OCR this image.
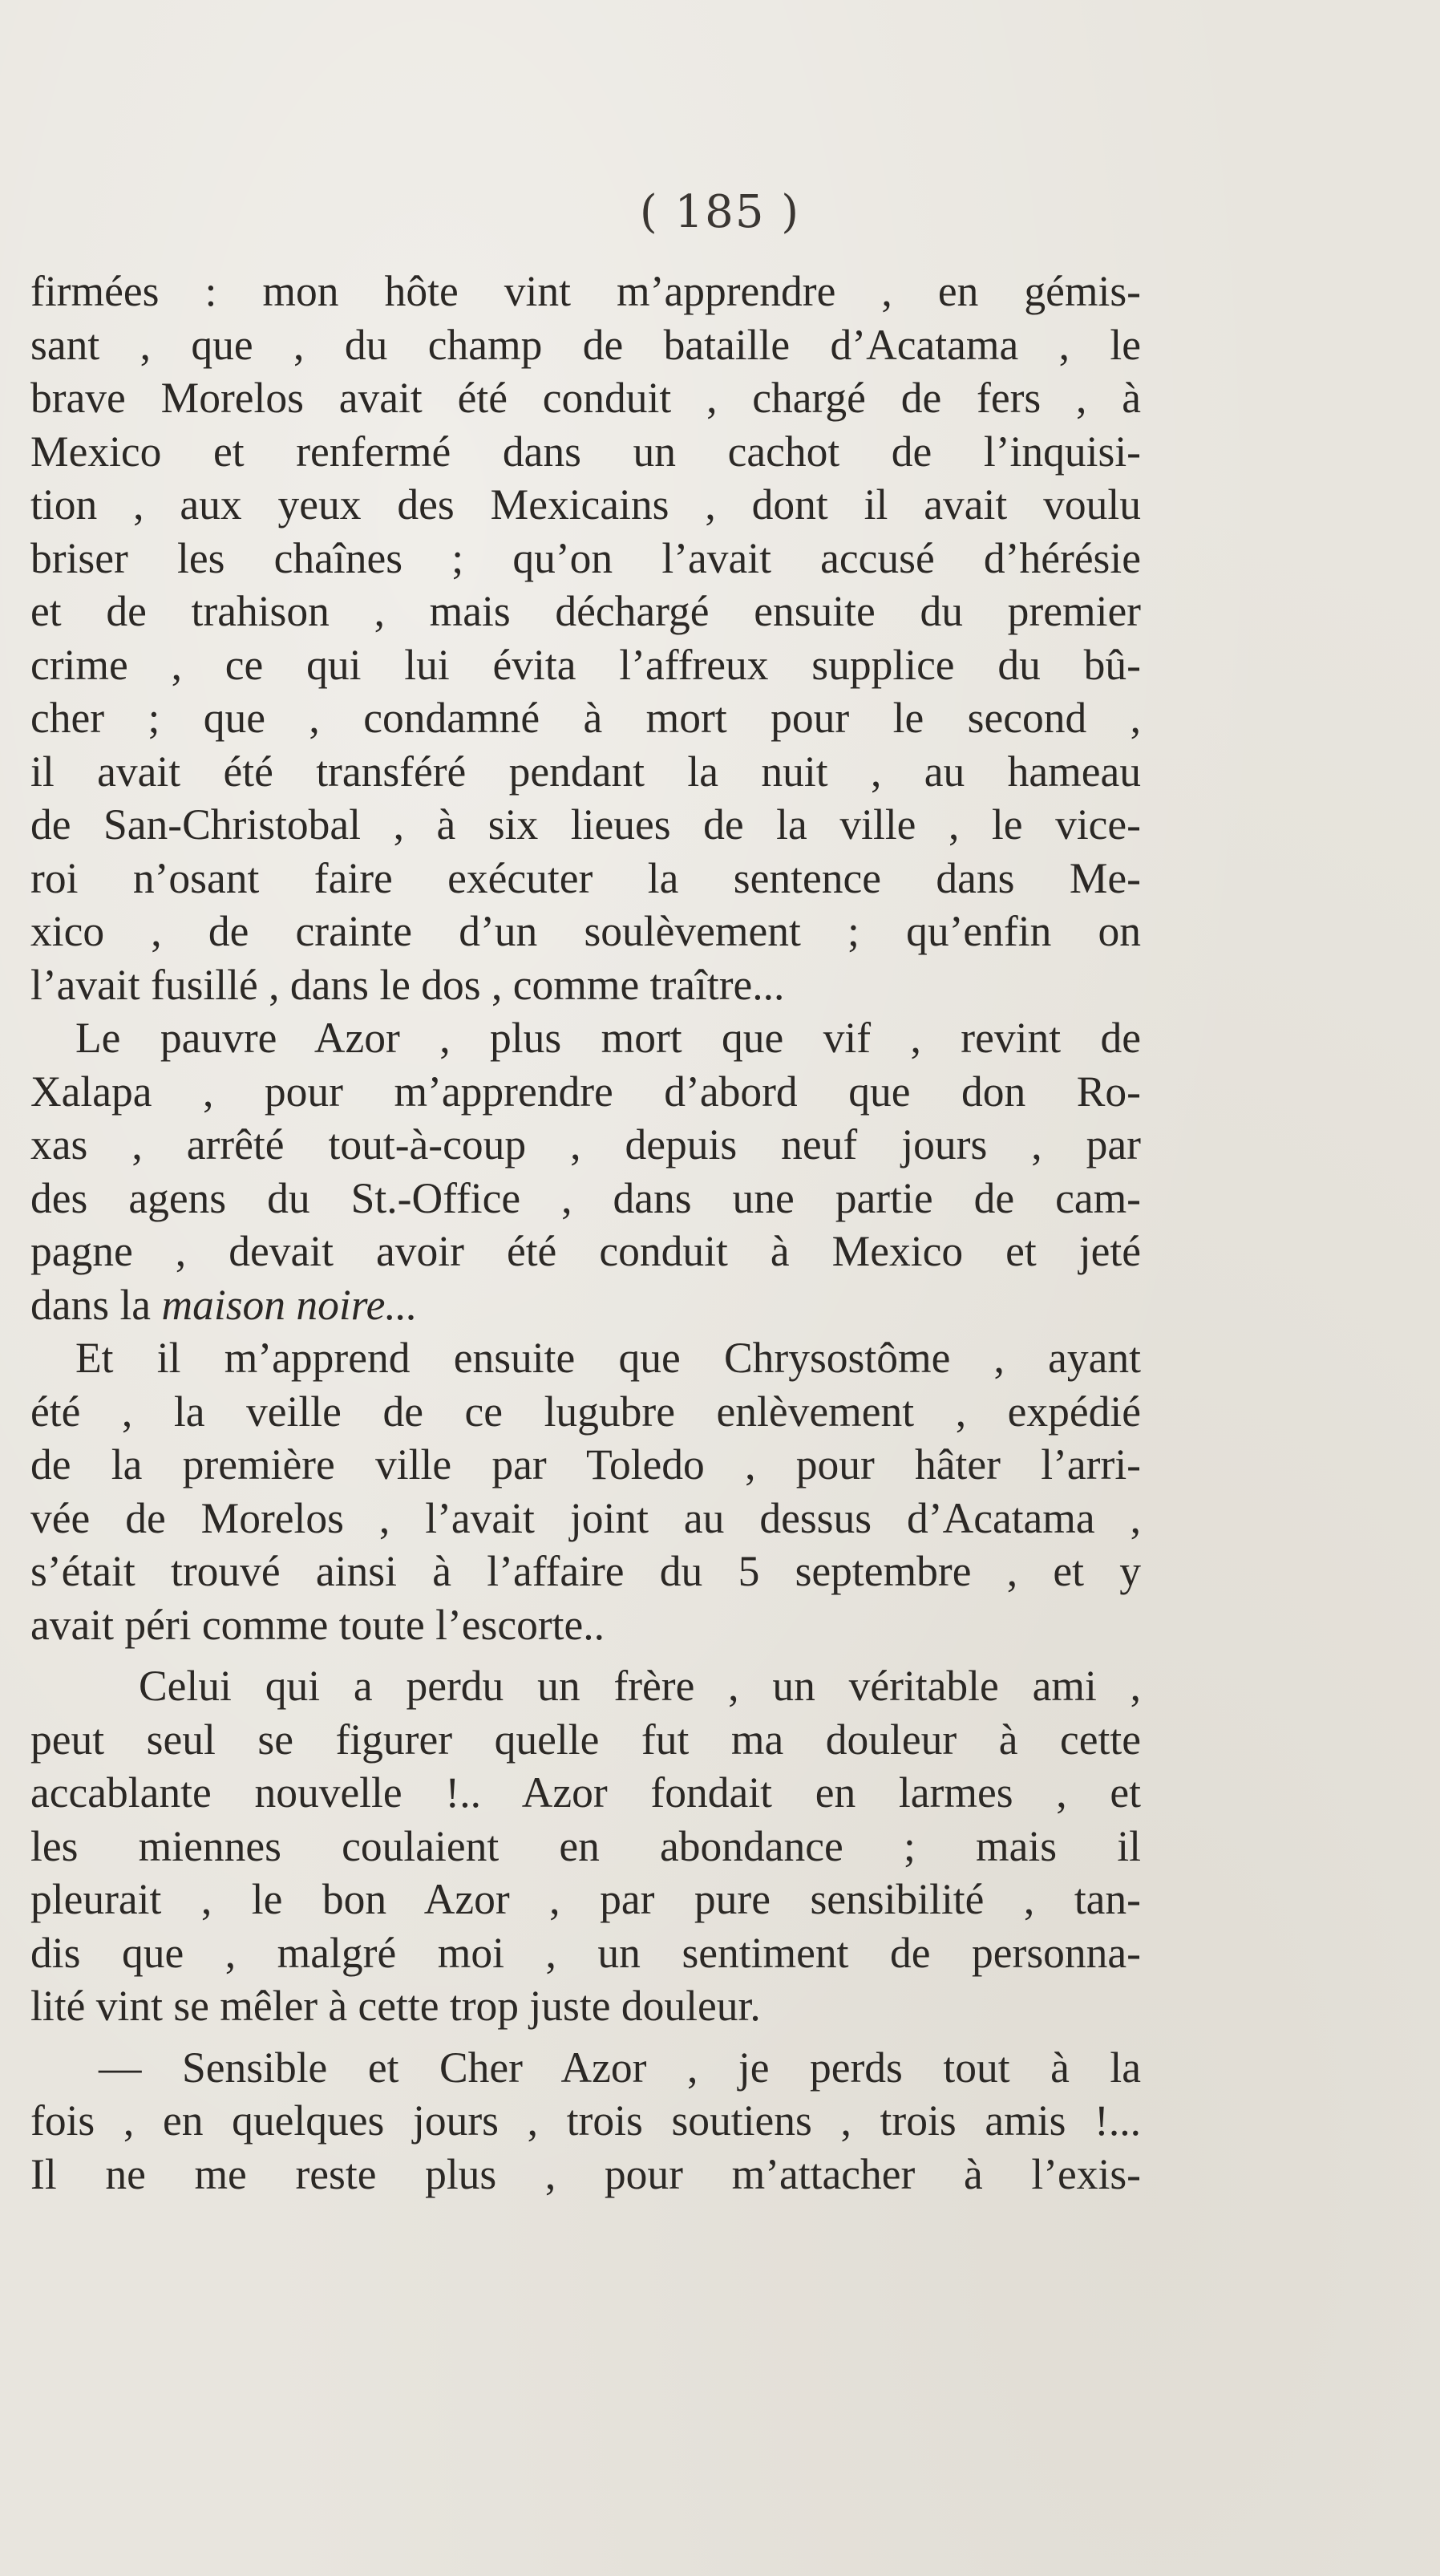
( 185 )
firmées : mon hôte vint m’apprendre , en gémis-
sant , que , du champ de bataille d’Acatama , le
brave Morelos avait été conduit , chargé de fers , à
Mexico et renfermé dans un cachot de l’inquisi-
tion , aux yeux des Mexicains , dont il avait voulu
briser les chaînes ; qu’on l’avait accusé d’hérésie
et de trahison , mais déchargé ensuite du premier
crime , ce qui lui évita l’affreux supplice du bû-
cher ; que , condamné à mort pour le second ,
il avait été transféré pendant la nuit , au hameau
de San-Christobal , à six lieues de la ville , le vice-
roi n’osant faire exécuter la sentence dans Me-
xico , de crainte d’un soulèvement ; qu’enfin on
l’avait fusillé , dans le dos , comme traître...
Le pauvre Azor , plus mort que vif , revint de
Xalapa , pour m’apprendre d’abord que don Ro-
xas , arrêté tout-à-coup , depuis neuf jours , par
des agens du St.-Office , dans une partie de cam-
pagne , devait avoir été conduit à Mexico et jeté
dans la maison noire...
Et il m’apprend ensuite que Chrysostôme , ayant
été , la veille de ce lugubre enlèvement , expédié
de la première ville par Toledo , pour hâter l’arri-
vée de Morelos , l’avait joint au dessus d’Acatama ,
s’était trouvé ainsi à l’affaire du 5 septembre , et y
avait péri comme toute l’escorte..
Celui qui a perdu un frère , un véritable ami ,
peut seul se figurer quelle fut ma douleur à cette
accablante nouvelle !.. Azor fondait en larmes , et
les miennes coulaient en abondance ; mais il
pleurait , le bon Azor , par pure sensibilité , tan-
dis que , malgré moi , un sentiment de personna-
lité vint se mêler à cette trop juste douleur.
— Sensible et Cher Azor , je perds tout à la
fois , en quelques jours , trois soutiens , trois amis !...
Il ne me reste plus , pour m’attacher à l’exis-
